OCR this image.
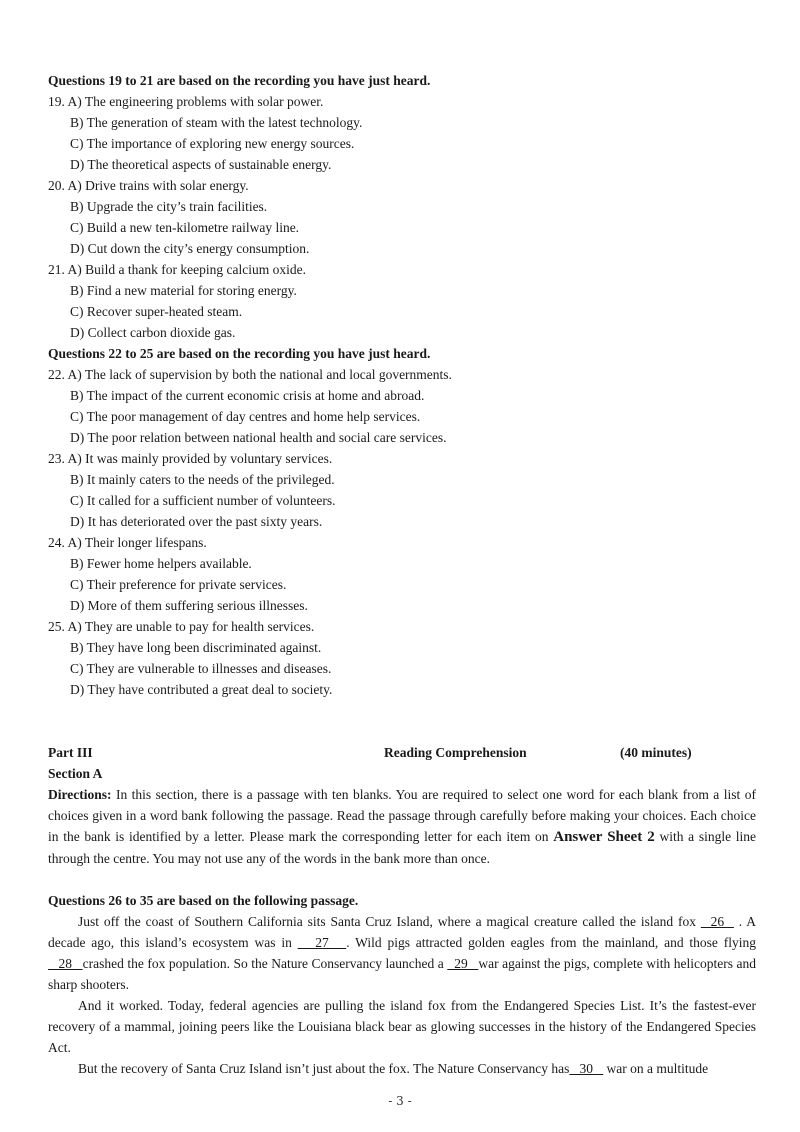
Questions 19 to 21 are based on the recording you have just heard.
19. A) The engineering problems with solar power.
B) The generation of steam with the latest technology.
C) The importance of exploring new energy sources.
D) The theoretical aspects of sustainable energy.
20. A) Drive trains with solar energy.
B) Upgrade the city’s train facilities.
C) Build a new ten-kilometre railway line.
D) Cut down the city’s energy consumption.
21. A) Build a thank for keeping calcium oxide.
B) Find a new material for storing energy.
C) Recover super-heated steam.
D) Collect carbon dioxide gas.
Questions 22 to 25 are based on the recording you have just heard.
22. A) The lack of supervision by both the national and local governments.
B) The impact of the current economic crisis at home and abroad.
C) The poor management of day centres and home help services.
D) The poor relation between national health and social care services.
23. A) It was mainly provided by voluntary services.
B) It mainly caters to the needs of the privileged.
C) It called for a sufficient number of volunteers.
D) It has deteriorated over the past sixty years.
24. A) Their longer lifespans.
B) Fewer home helpers available.
C) Their preference for private services.
D) More of them suffering serious illnesses.
25. A) They are unable to pay for health services.
B) They have long been discriminated against.
C) They are vulnerable to illnesses and diseases.
D) They have contributed a great deal to society.
Part III	Reading Comprehension	(40 minutes)
Section A
Directions: In this section, there is a passage with ten blanks. You are required to select one word for each blank from a list of choices given in a word bank following the passage. Read the passage through carefully before making your choices. Each choice in the bank is identified by a letter. Please mark the corresponding letter for each item on Answer Sheet 2 with a single line through the centre. You may not use any of the words in the bank more than once.
Questions 26 to 35 are based on the following passage.

Just off the coast of Southern California sits Santa Cruz Island, where a magical creature called the island fox   26   . A decade ago, this island’s ecosystem was in    27   . Wild pigs attracted golden eagles from the mainland, and those flying   28   crashed the fox population. So the Nature Conservancy launched a   29   war against the pigs, complete with helicopters and sharp shooters.

And it worked. Today, federal agencies are pulling the island fox from the Endangered Species List. It’s the fastest-ever recovery of a mammal, joining peers like the Louisiana black bear as glowing successes in the history of the Endangered Species Act.

But the recovery of Santa Cruz Island isn’t just about the fox. The Nature Conservancy has   30    war on a multitude

- 3 -
